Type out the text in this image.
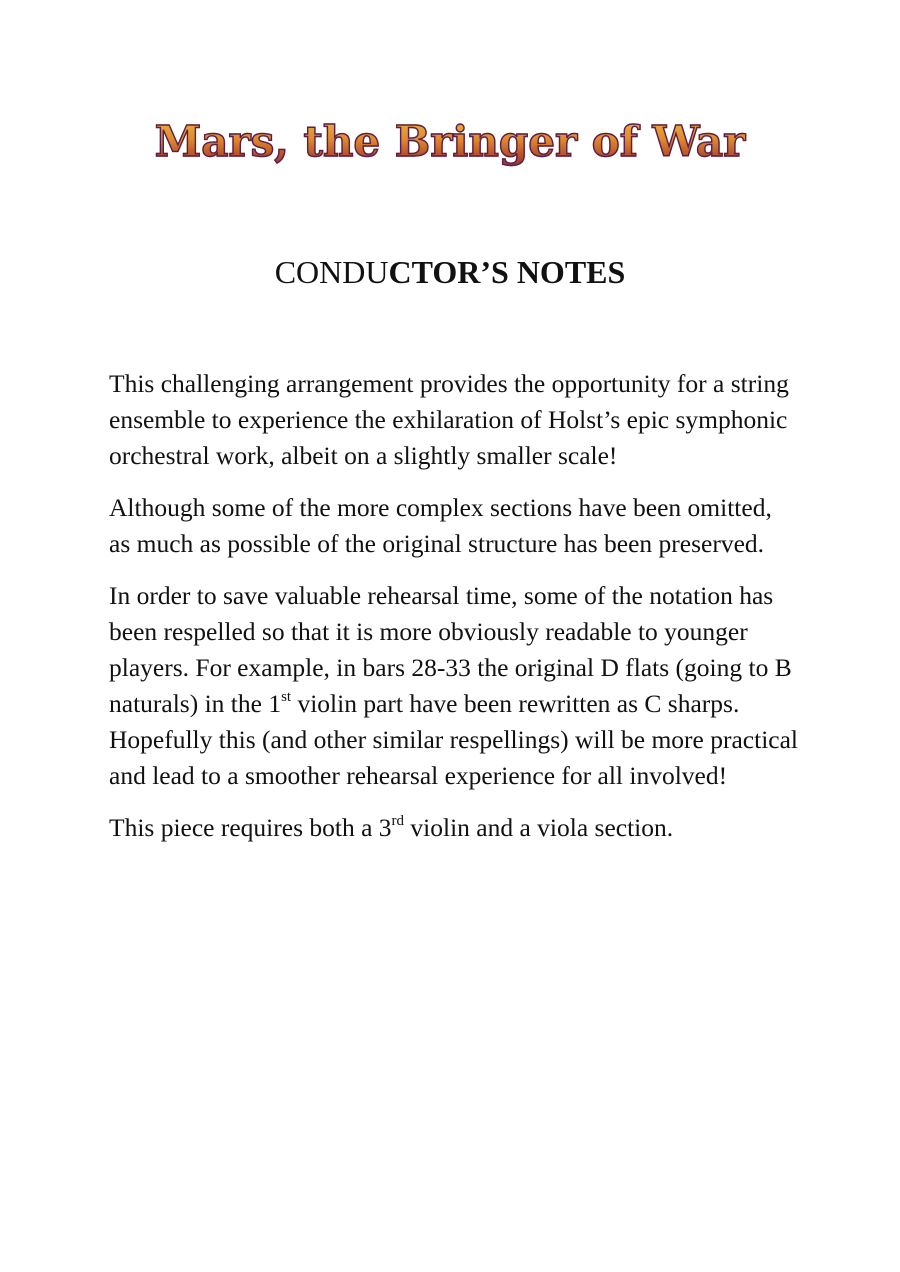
Mars, the Bringer of War
CONDUCTOR’S NOTES

This challenging arrangement provides the opportunity for a string ensemble to experience the exhilaration of Holst’s epic symphonic orchestral work, albeit on a slightly smaller scale!

Although some of the more complex sections have been omitted, as much as possible of the original structure has been preserved.

In order to save valuable rehearsal time, some of the notation has been respelled so that it is more obviously readable to younger players. For example, in bars 28-33 the original D flats (going to B naturals) in the 1st violin part have been rewritten as C sharps. Hopefully this (and other similar respellings) will be more practical and lead to a smoother rehearsal experience for all involved!

This piece requires both a 3rd violin and a viola section.
